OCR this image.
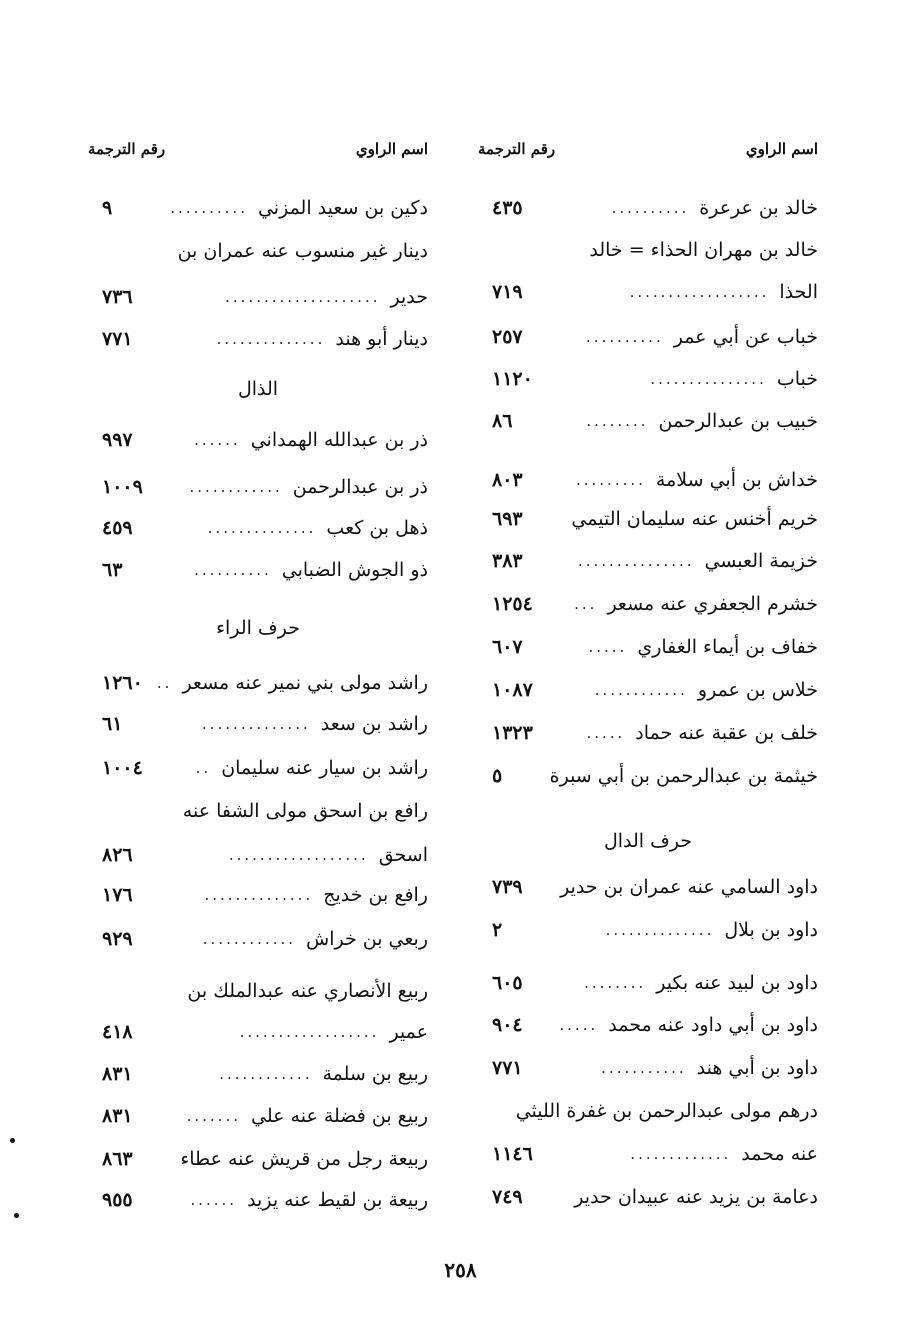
اسم الراوي
رقم الترجمة
خالد بن عرعرة
..........
٤٣٥
خالد بن مهران الحذاء = خالد
الحذا
..................
٧١٩
خباب عن أبي عمر
..........
٢٥٧
خباب
...............
١١٢٠
خبيب بن عبدالرحمن
........
٨٦
خداش بن أبي سلامة
.........
٨٠٣
خريم أخنس عنه سليمان التيمي
٦٩٣
خزيمة العبسي
...............
٣٨٣
خشرم الجعفري عنه مسعر
...
١٢٥٤
خفاف بن أيماء الغفاري
.....
٦٠٧
خلاس بن عمرو
............
١٠٨٧
خلف بن عقبة عنه حماد
.....
١٣٢٣
خيثمة بن عبدالرحمن بن أبي سبرة
٥
حرف الدال
داود السامي عنه عمران بن حدير
٧٣٩
داود بن بلال
..............
٢
داود بن لبيد عنه بكير
........
٦٠٥
داود بن أبي داود عنه محمد
.....
٩٠٤
داود بن أبي هند
...........
٧٧١
درهم مولى عبدالرحمن بن غفرة الليثي
عنه محمد
.............
١١٤٦
دعامة بن يزيد عنه عبيدان حدير
٧٤٩
اسم الراوي
رقم الترجمة
دكين بن سعيد المزني
..........
٩
دينار غير منسوب عنه عمران بن
حدير
....................
٧٣٦
دينار أبو هند
..............
٧٧١
الذال
ذر بن عبدالله الهمداني
......
٩٩٧
ذر بن عبدالرحمن
............
١٠٠٩
ذهل بن كعب
..............
٤٥٩
ذو الجوش الضبابي
..........
٦٣
حرف الراء
راشد مولى بني نمير عنه مسعر
..
١٢٦٠
راشد بن سعد
..............
٦١
راشد بن سيار عنه سليمان
..
١٠٠٤
رافع بن اسحق مولى الشفا عنه
اسحق
..................
٨٢٦
رافع بن خديج
..............
١٧٦
ربعي بن خراش
............
٩٢٩
ربيع الأنصاري عنه عبدالملك بن
عمير
..................
٤١٨
ربيع بن سلمة
............
٨٣١
ربيع بن فضلة عنه علي
.......
٨٣١
ربيعة رجل من قريش عنه عطاء
٨٦٣
ربيعة بن لقيط عنه يزيد
......
٩٥٥
٢٥٨
